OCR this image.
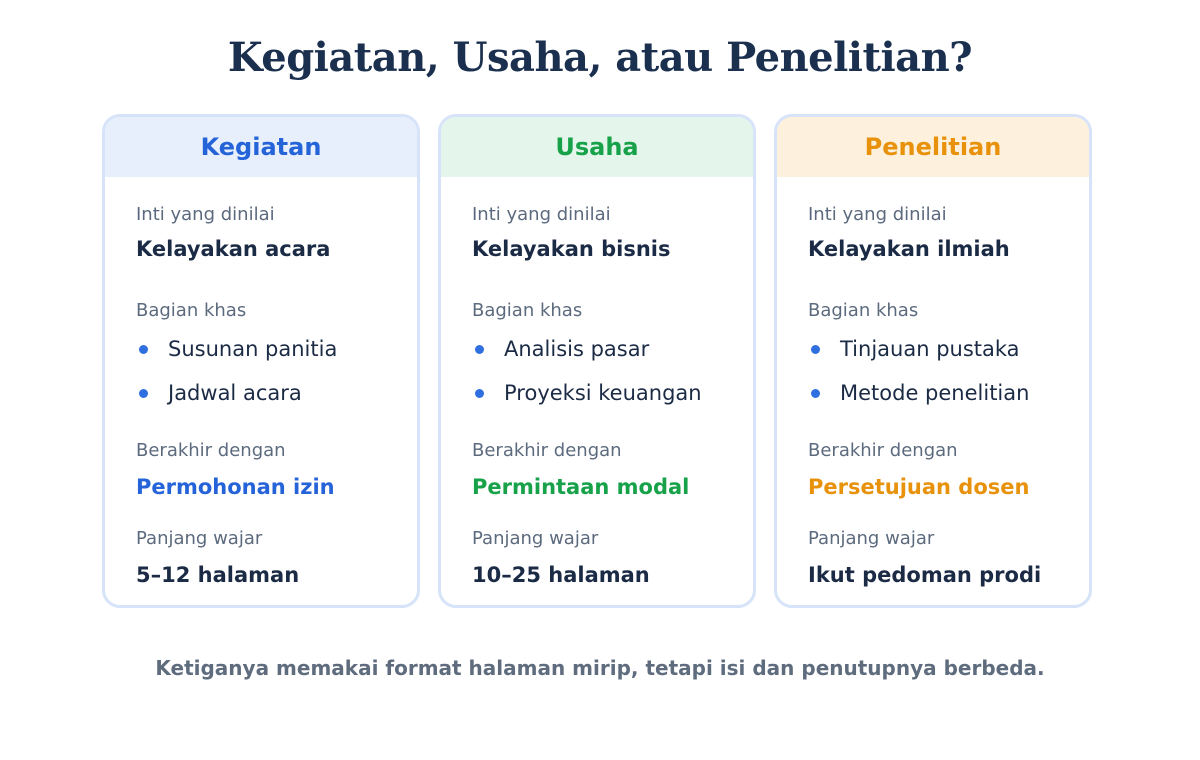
Kegiatan, Usaha, atau Penelitian?
Kegiatan
Inti yang dinilai
Kelayakan acara
Bagian khas
Susunan panitia
Jadwal acara
Berakhir dengan
Permohonan izin
Panjang wajar
5–12 halaman
Usaha
Inti yang dinilai
Kelayakan bisnis
Bagian khas
Analisis pasar
Proyeksi keuangan
Berakhir dengan
Permintaan modal
Panjang wajar
10–25 halaman
Penelitian
Inti yang dinilai
Kelayakan ilmiah
Bagian khas
Tinjauan pustaka
Metode penelitian
Berakhir dengan
Persetujuan dosen
Panjang wajar
Ikut pedoman prodi
Ketiganya memakai format halaman mirip, tetapi isi dan penutupnya berbeda.
